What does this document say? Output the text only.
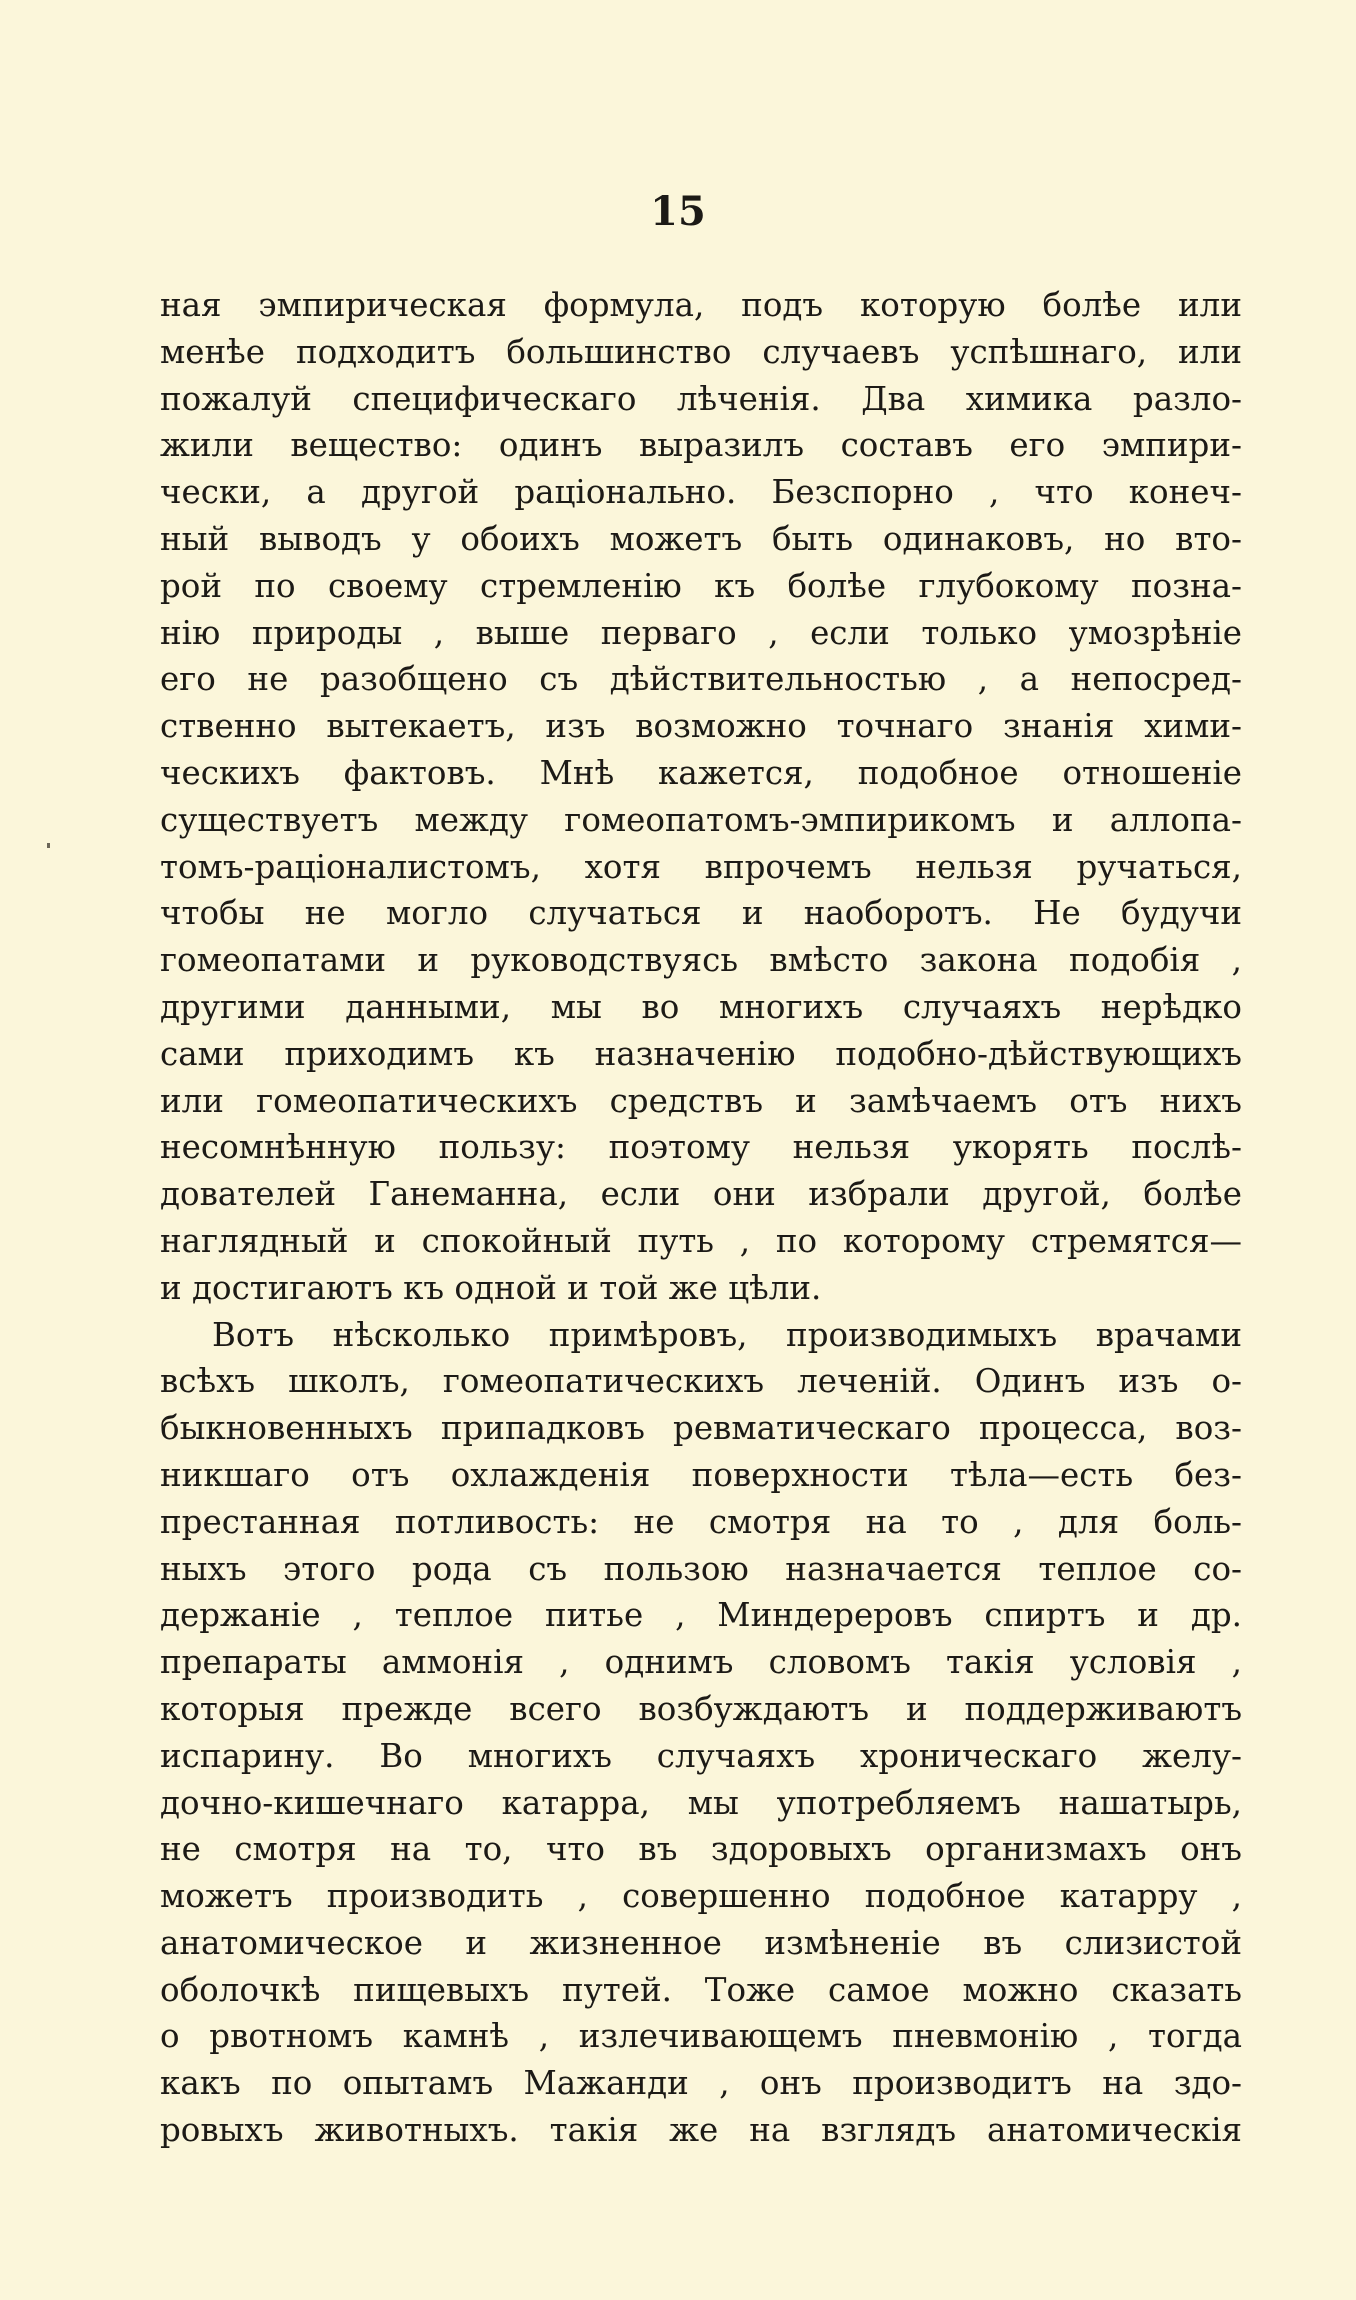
15
ная эмпирическая формула, подъ которую болѣе или
менѣе подходитъ большинство случаевъ успѣшнаго, или
пожалуй специфическаго лѣченія. Два химика разло-
жили вещество: одинъ выразилъ составъ его эмпири-
чески, а другой раціонально. Безспорно , что конеч-
ный выводъ у обоихъ можетъ быть одинаковъ, но вто-
рой по своему стремленію къ болѣе глубокому позна-
нію природы , выше перваго , если только умозрѣніе
его не разобщено съ дѣйствительностью , а непосред-
ственно вытекаетъ, изъ возможно точнаго знанія хими-
ческихъ фактовъ. Мнѣ кажется, подобное отношеніе
существуетъ между гомеопатомъ-эмпирикомъ и аллопа-
томъ-раціоналистомъ, хотя впрочемъ нельзя ручаться,
чтобы не могло случаться и наоборотъ. Не будучи
гомеопатами и руководствуясь вмѣсто закона подобія ,
другими данными, мы во многихъ случаяхъ нерѣдко
сами приходимъ къ назначенію подобно-дѣйствующихъ
или гомеопатическихъ средствъ и замѣчаемъ отъ нихъ
несомнѣнную пользу: поэтому нельзя укорять послѣ-
дователей Ганеманна, если они избрали другой, болѣе
наглядный и спокойный путь , по которому стремятся—
и достигаютъ къ одной и той же цѣли.
Вотъ нѣсколько примѣровъ, производимыхъ врачами
всѣхъ школъ, гомеопатическихъ леченій. Одинъ изъ о-
быкновенныхъ припадковъ ревматическаго процесса, воз-
никшаго отъ охлажденія поверхности тѣла—есть без-
престанная потливость: не смотря на то , для боль-
ныхъ этого рода съ пользою назначается теплое со-
держаніе , теплое питье , Миндереровъ спиртъ и др.
препараты аммонія , однимъ словомъ такія условія ,
которыя прежде всего возбуждаютъ и поддерживаютъ
испарину. Во многихъ случаяхъ хроническаго желу-
дочно-кишечнаго катарра, мы употребляемъ нашатырь,
не смотря на то, что въ здоровыхъ организмахъ онъ
можетъ производить , совершенно подобное катарру ,
анатомическое и жизненное измѣненіе въ слизистой
оболочкѣ пищевыхъ путей. Тоже самое можно сказать
о рвотномъ камнѣ , излечивающемъ пневмонію , тогда
какъ по опытамъ Мажанди , онъ производитъ на здо-
ровыхъ животныхъ. такія же на взглядъ анатомическія
